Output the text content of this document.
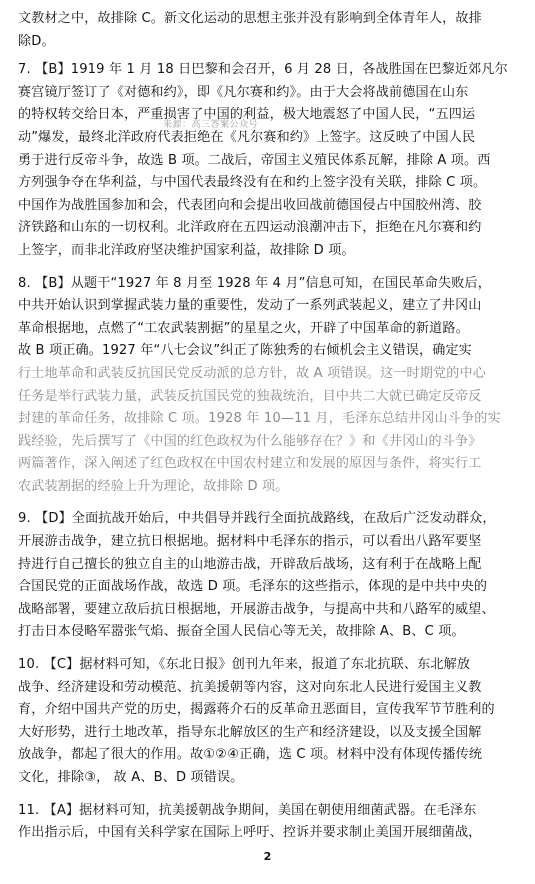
文教材之中，故排除 C。新文化运动的思想主张并没有影响到全体青年人，故排
除D。
7. 【B】1919 年 1 月 18 日巴黎和会召开，6 月 28 日，各战胜国在巴黎近郊凡尔
赛宫镜厅签订了《对德和约》，即《凡尔赛和约》。由于大会将战前德国在山东
的特权转交给日本，严重损害了中国的利益，极大地震怒了中国人民，“五四运
动”爆发，最终北洋政府代表拒绝在《凡尔赛和约》上签字。这反映了中国人民
勇于进行反帝斗争，故选 B 项。二战后，帝国主义殖民体系瓦解，排除 A 项。西
方列强争夺在华利益，与中国代表最终没有在和约上签字没有关联，排除 C 项。
中国作为战胜国参加和会，代表团向和会提出收回战前德国侵占中国胶州湾、胶
济铁路和山东的一切权利。北洋政府在五四运动浪潮冲击下，拒绝在凡尔赛和约
上签字，而非北洋政府坚决维护国家利益，故排除 D 项。
8. 【B】从题干“1927 年 8 月至 1928 年 4 月”信息可知，在国民革命失败后，
中共开始认识到掌握武装力量的重要性，发动了一系列武装起义，建立了井冈山
革命根据地，点燃了“工农武装割据”的星星之火，开辟了中国革命的新道路。
故 B 项正确。1927 年“八七会议”纠正了陈独秀的右倾机会主义错误，确定实
行土地革命和武装反抗国民党反动派的总方针，故 A 项错误。这一时期党的中心
任务是举行武装力量，武装反抗国民党的独裁统治，目中共二大就已确定反帝反
封建的革命任务，故排除 C 项。1928 年 10—11 月，毛泽东总结井冈山斗争的实
践经验，先后撰写了《中国的红色政权为什么能够存在？》和《井冈山的斗争》
两篇著作，深入阐述了红色政权在中国农村建立和发展的原因与条件，将实行工
农武装割据的经验上升为理论，故排除 D 项。
9. 【D】全面抗战开始后，中共倡导并践行全面抗战路线，在敌后广泛发动群众，
开展游击战争，建立抗日根据地。据材料中毛泽东的指示，可以看出八路军要坚
持进行自己擅长的独立自主的山地游击战，开辟敌后战场，这有利于在战略上配
合国民党的正面战场作战，故选 D 项。毛泽东的这些指示，体现的是中共中央的
战略部署，要建立敌后抗日根据地，开展游击战争，与提高中共和八路军的威望、
打击日本侵略军嚣张气焰、振奋全国人民信心等无关，故排除 A、B、C 项。
10. 【C】据材料可知，《东北日报》创刊九年来，报道了东北抗联、东北解放
战争、经济建设和劳动模范、抗美援朝等内容，这对向东北人民进行爱国主义教
育，介绍中国共产党的历史，揭露蒋介石的反革命丑恶面目，宣传我军节节胜利的
大好形势，进行土地改革，指导东北解放区的生产和经济建设，以及支援全国解
放战争，都起了很大的作用。故①②④正确，选 C 项。材料中没有体现传播传统
文化，排除③， 故 A、B、D 项错误。
11. 【A】据材料可知，抗美援朝战争期间，美国在朝使用细菌武器。在毛泽东
作出指示后，中国有关科学家在国际上呼吁、控诉并要求制止美国开展细菌战，
来源：高三答案公众号
2
